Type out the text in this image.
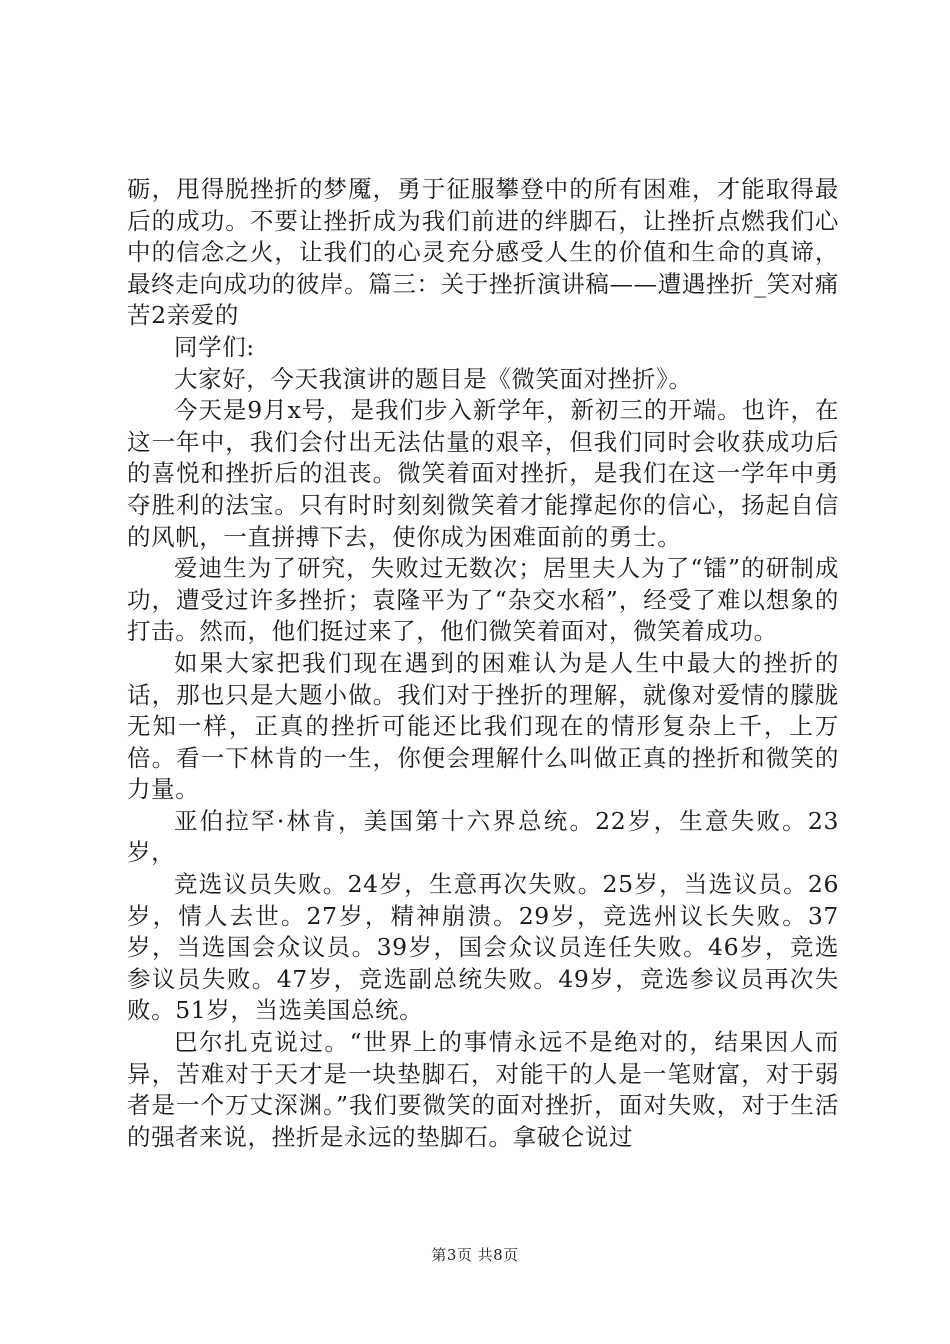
砺，甩得脱挫折的梦魇，勇于征服攀登中的所有困难，才能取得最后的成功。不要让挫折成为我们前进的绊脚石，让挫折点燃我们心中的信念之火，让我们的心灵充分感受人生的价值和生命的真谛，最终走向成功的彼岸。篇三：关于挫折演讲稿——遭遇挫折_笑对痛苦2亲爱的

同学们:

大家好，今天我演讲的题目是《微笑面对挫折》。

今天是9月x号，是我们步入新学年，新初三的开端。也许，在这一年中，我们会付出无法估量的艰辛，但我们同时会收获成功后的喜悦和挫折后的沮丧。微笑着面对挫折，是我们在这一学年中勇夺胜利的法宝。只有时时刻刻微笑着才能撑起你的信心，扬起自信的风帆，一直拼搏下去，使你成为困难面前的勇士。

爱迪生为了研究，失败过无数次；居里夫人为了“镭”的研制成功，遭受过许多挫折；袁隆平为了“杂交水稻”，经受了难以想象的打击。然而，他们挺过来了，他们微笑着面对，微笑着成功。

如果大家把我们现在遇到的困难认为是人生中最大的挫折的话，那也只是大题小做。我们对于挫折的理解，就像对爱情的朦胧无知一样，正真的挫折可能还比我们现在的情形复杂上千，上万倍。看一下林肯的一生，你便会理解什么叫做正真的挫折和微笑的力量。

亚伯拉罕·林肯，美国第十六界总统。22岁，生意失败。23岁，

竞选议员失败。24岁，生意再次失败。25岁，当选议员。26岁，情人去世。27岁，精神崩溃。29岁，竞选州议长失败。37岁，当选国会众议员。39岁，国会众议员连任失败。46岁，竞选参议员失败。47岁，竞选副总统失败。49岁，竞选参议员再次失败。51岁，当选美国总统。

巴尔扎克说过。“世界上的事情永远不是绝对的，结果因人而异，苦难对于天才是一块垫脚石，对能干的人是一笔财富，对于弱者是一个万丈深渊。”我们要微笑的面对挫折，面对失败，对于生活的强者来说，挫折是永远的垫脚石。拿破仑说过

第3页 共8页
